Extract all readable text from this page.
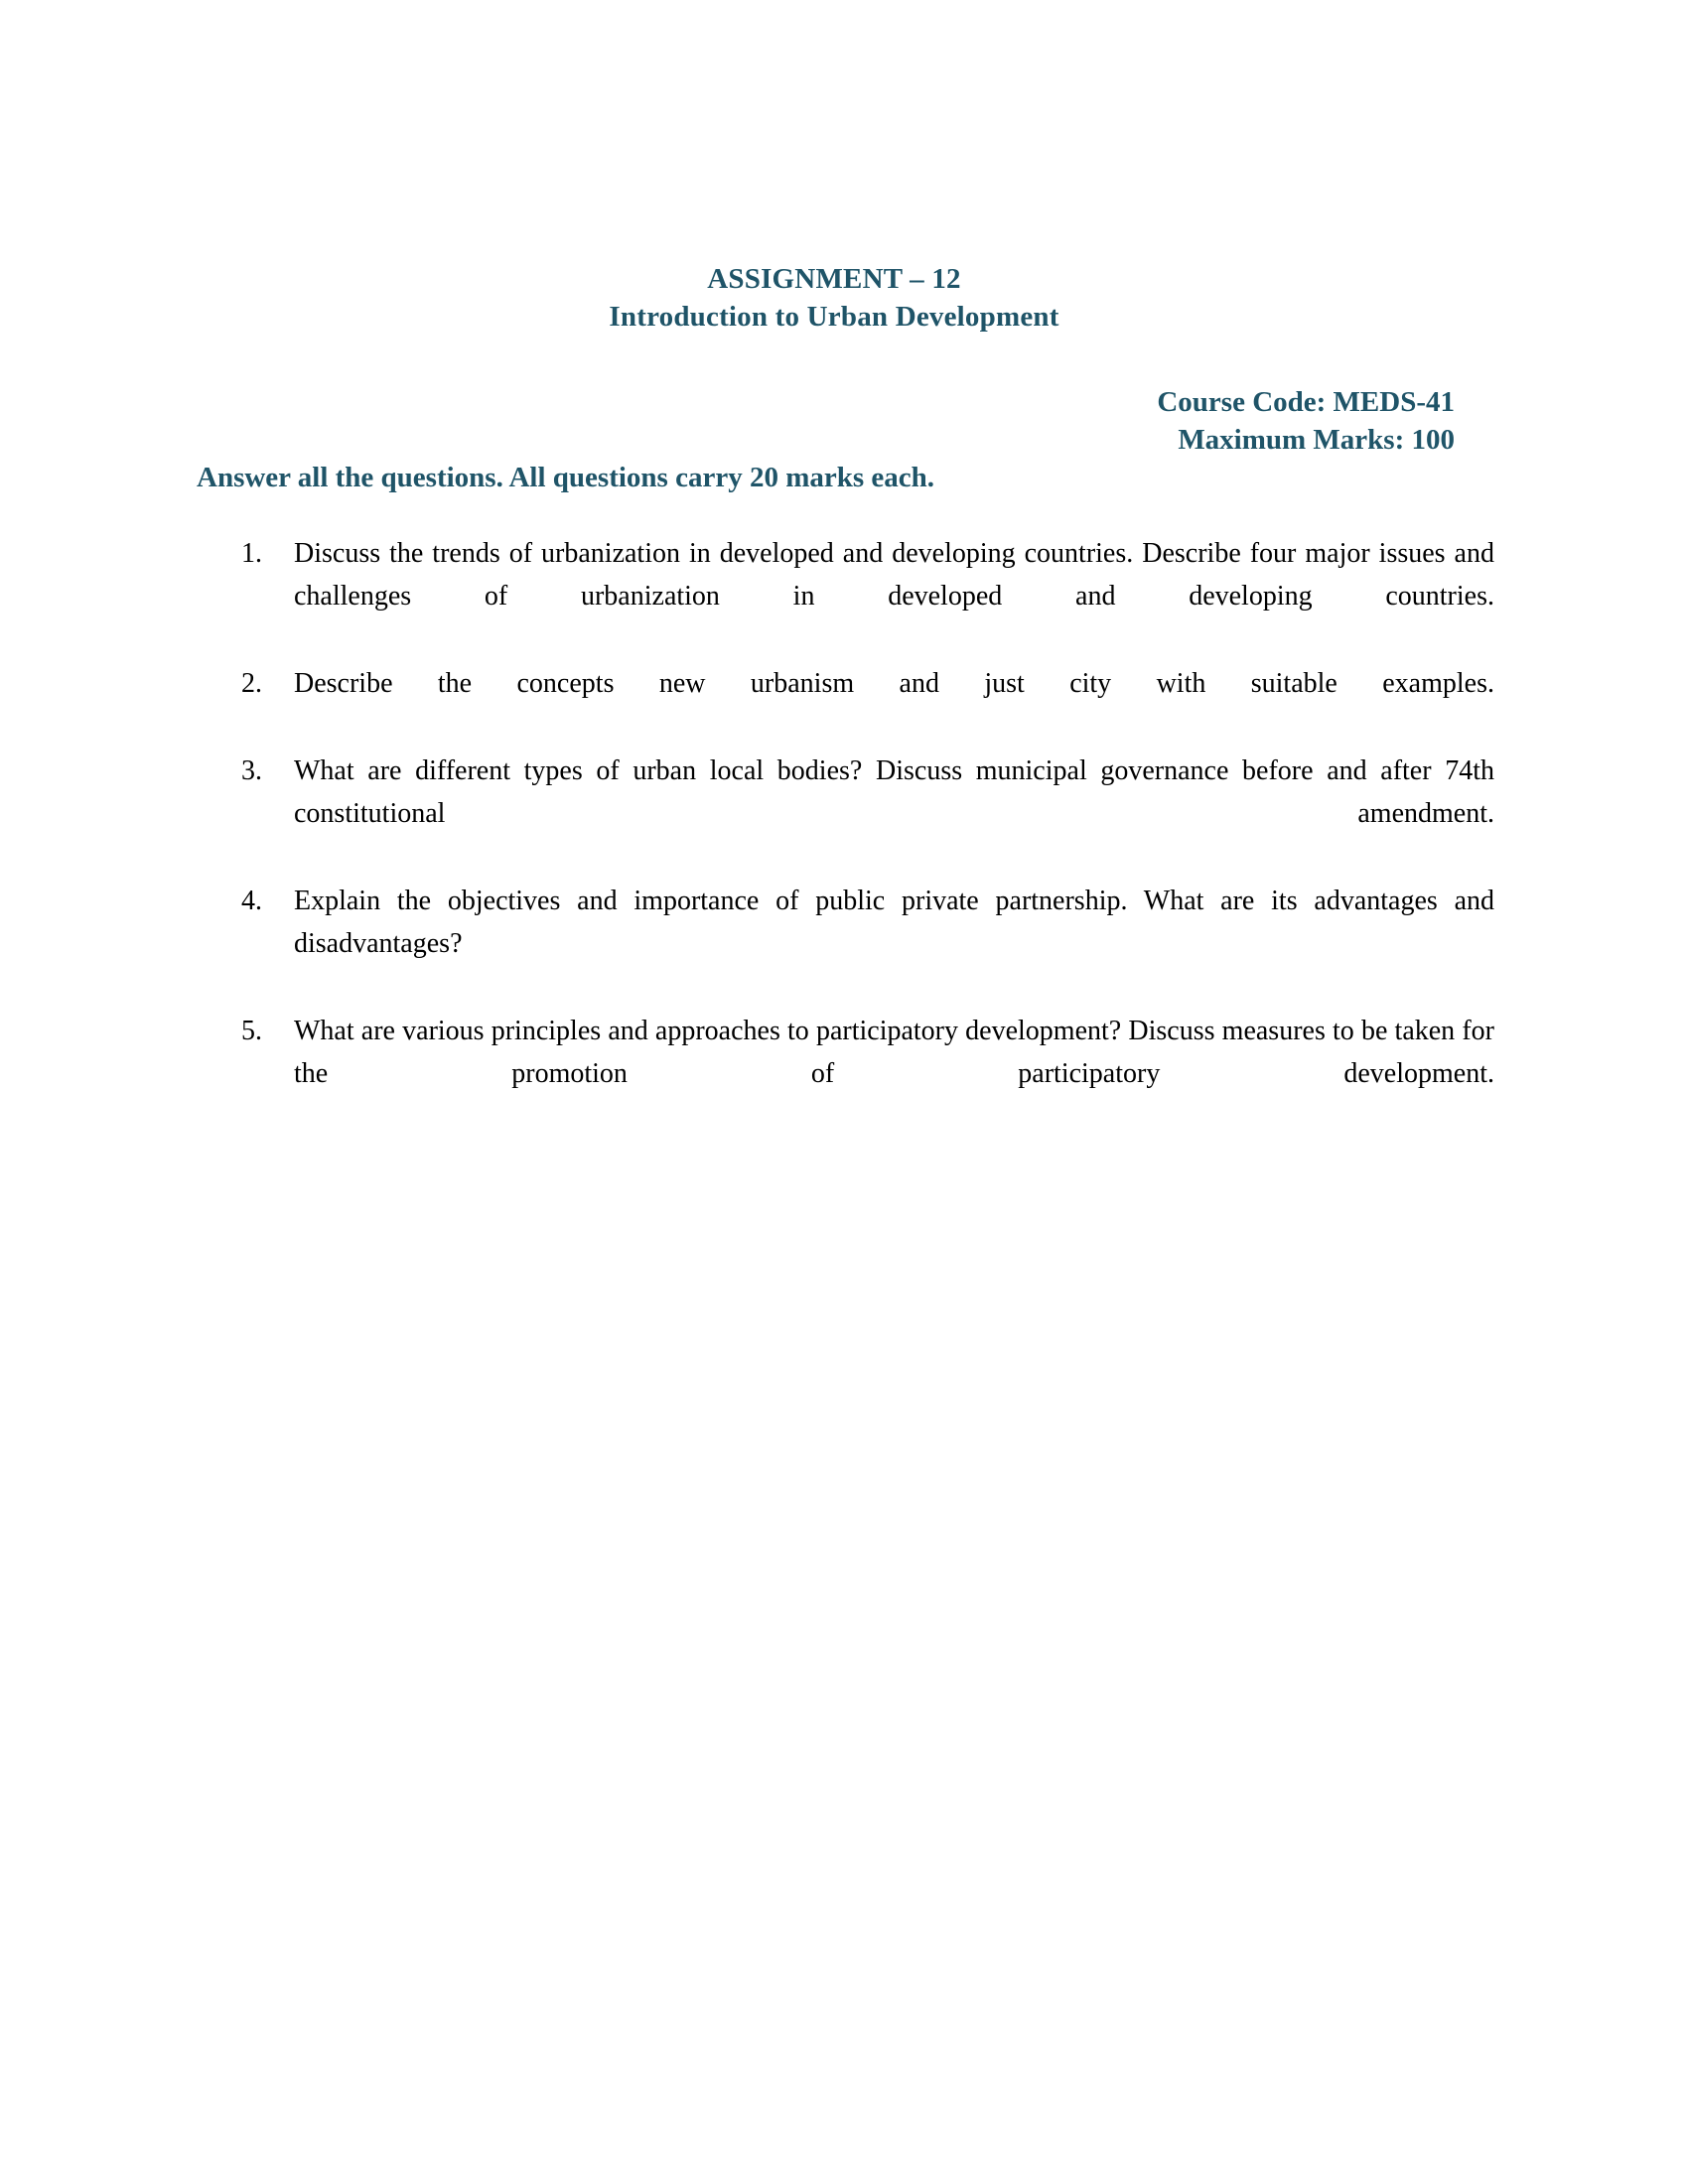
ASSIGNMENT – 12
Introduction to Urban Development
Course Code: MEDS-41
Maximum Marks: 100
Answer all the questions. All questions carry 20 marks each.
1.	Discuss the trends of urbanization in developed and developing countries. Describe four major issues and challenges of urbanization in developed and developing countries.
2.	Describe the concepts new urbanism and just city with suitable examples.
3.	What are different types of urban local bodies? Discuss municipal governance before and after 74th constitutional amendment.
4.	Explain the objectives and importance of public private partnership. What are its advantages and disadvantages?
5.	What are various principles and approaches to participatory development? Discuss measures to be taken for the promotion of participatory development.
